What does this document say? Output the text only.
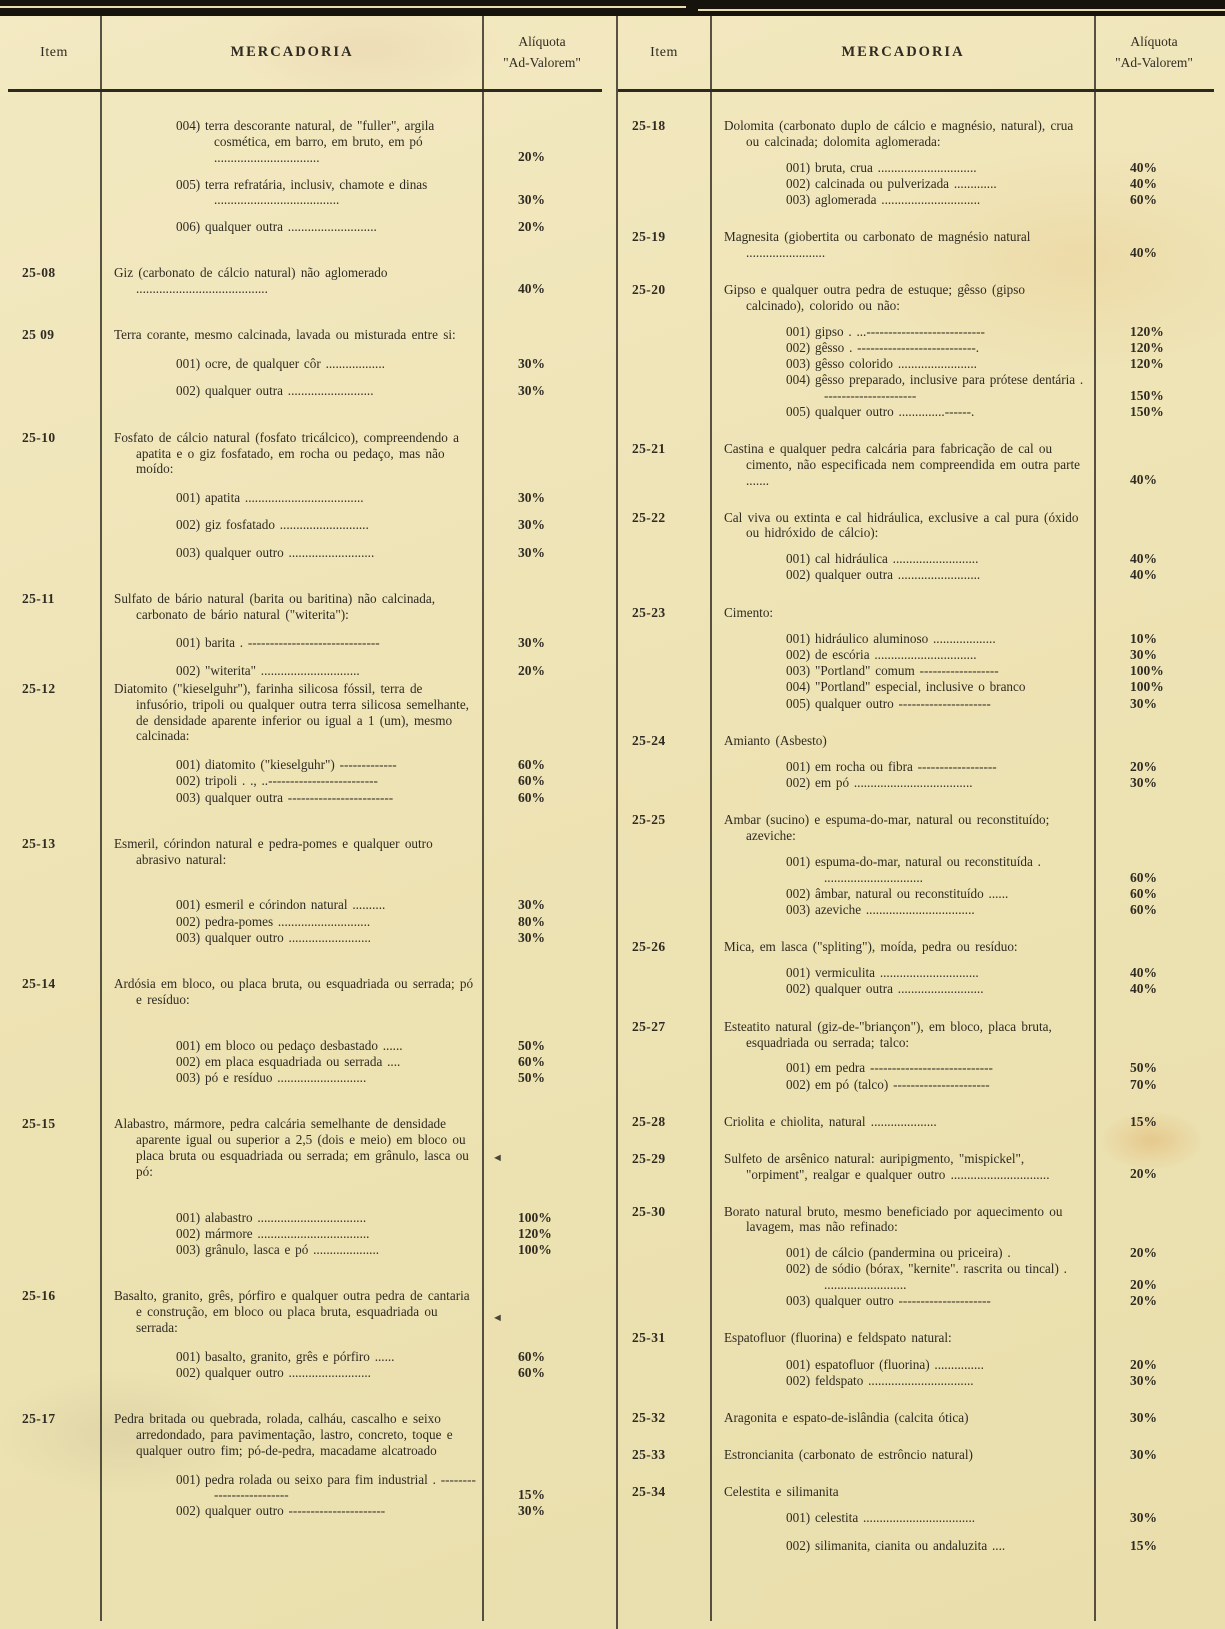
Item	MERCADORIA
Alíquota
"Ad-Valorem"
004) terra descorante natural, de "fuller", argila cosmética, em barro, em bruto, em pó ................................	20%
005) terra refratária, inclusiv, chamote e dinas ......................................	30%
006) qualquer outra ...........................	20%
25-08	Giz (carbonato de cálcio natural) não aglomerado ........................................	40%
25 09	Terra corante, mesmo calcinada, lavada ou misturada entre si:
001) ocre, de qualquer côr ..................	30%
002) qualquer outra ..........................	30%
25-10	Fosfato de cálcio natural (fosfato tricálcico), compreendendo a apatita e o giz fosfatado, em rocha ou pedaço, mas não moído:
001) apatita ....................................	30%
002) giz fosfatado ...........................	30%
003) qualquer outro ..........................	30%
25-11	Sulfato de bário natural (barita ou baritina) não calcinada, carbonato de bário natural ("witerita"):
001) barita . ------------------------------	30%
002) "witerita" ..............................	20%
25-12	Diatomito ("kieselguhr"), farinha silicosa fóssil, terra de infusório, tripoli ou qualquer outra terra silicosa semelhante, de densidade aparente inferior ou igual a 1 (um), mesmo calcinada:
001) diatomito ("kieselguhr") -------------	60%
002) tripoli . ., ..-------------------------	60%
003) qualquer outra ------------------------	60%
25-13	Esmeril, córindon natural e pedra-pomes e qualquer outro abrasivo natural:
001) esmeril e córindon natural ..........	30%
002) pedra-pomes ............................	80%
003) qualquer outro .........................	30%
25-14	Ardósia em bloco, ou placa bruta, ou esquadriada ou serrada; pó e resíduo:
001) em bloco ou pedaço desbastado ......	50%
002) em placa esquadriada ou serrada ....	60%
003) pó e resíduo ...........................	50%
25-15	Alabastro, mármore, pedra calcária semelhante de densidade aparente igual ou superior a 2,5 (dois e meio) em bloco ou placa bruta ou esquadriada ou serrada; em grânulo, lasca ou pó:
001) alabastro .................................	100%
002) mármore ..................................	120%
003) grânulo, lasca e pó ....................	100%
25-16	Basalto, granito, grês, pórfiro e qualquer outra pedra de cantaria e construção, em bloco ou placa bruta, esquadriada ou serrada:
001) basalto, granito, grês e pórfiro ......	60%
002) qualquer outro .........................	60%
25-17	Pedra britada ou quebrada, rolada, calháu, cascalho e seixo arredondado, para pavimentação, lastro, concreto, toque e qualquer outro fim; pó-de-pedra, macadame alcatroado
001) pedra rolada ou seixo para fim industrial . -------------------------	15%
002) qualquer outro ----------------------	30%
Item	MERCADORIA
Alíquota
"Ad-Valorem"
25-18	Dolomita (carbonato duplo de cálcio e magnésio, natural), crua ou calcinada; dolomita aglomerada:
001) bruta, crua ..............................	40%
002) calcinada ou pulverizada .............	40%
003) aglomerada ..............................	60%
25-19	Magnesita (giobertita ou carbonato de magnésio natural ........................	40%
25-20	Gipso e qualquer outra pedra de estuque; gêsso (gipso calcinado), colorido ou não:
001) gipso . ...---------------------------	120%
002) gêsso . ---------------------------.	120%
003) gêsso colorido ........................	120%
004) gêsso preparado, inclusive para prótese dentária . ---------------------	150%
005) qualquer outro ..............------.	150%
25-21	Castina e qualquer pedra calcária para fabricação de cal ou cimento, não especificada nem compreendida em outra parte .......	40%
25-22	Cal viva ou extinta e cal hidráulica, exclusive a cal pura (óxido ou hidróxido de cálcio):
001) cal hidráulica ..........................	40%
002) qualquer outra .........................	40%
25-23	Cimento:
001) hidráulico aluminoso ...................	10%
002) de escória ...............................	30%
003) "Portland" comum ------------------	100%
004) "Portland" especial, inclusive o branco	100%
005) qualquer outro ---------------------	30%
25-24	Amianto (Asbesto)
001) em rocha ou fibra ------------------	20%
002) em pó ....................................	30%
25-25	Ambar (sucino) e espuma-do-mar, natural ou reconstituído; azeviche:
001) espuma-do-mar, natural ou reconstituída . ..............................	60%
002) âmbar, natural ou reconstituído ......	60%
003) azeviche .................................	60%
25-26	Mica, em lasca ("spliting"), moída, pedra ou resíduo:
001) vermiculita ..............................	40%
002) qualquer outra ..........................	40%
25-27	Esteatito natural (giz-de-"briançon"), em bloco, placa bruta, esquadriada ou serrada; talco:
001) em pedra ----------------------------	50%
002) em pó (talco) ----------------------	70%
25-28	Criolita e chiolita, natural ....................	15%
25-29	Sulfeto de arsênico natural: auripigmento, "mispickel", "orpiment", realgar e qualquer outro ..............................	20%
25-30	Borato natural bruto, mesmo beneficiado por aquecimento ou lavagem, mas não refinado:
001) de cálcio (pandermina ou priceira) .	20%
002) de sódio (bórax, "kernite". rascrita ou tincal) . .........................	20%
003) qualquer outro ---------------------	20%
25-31	Espatofluor (fluorina) e feldspato natural:
001) espatofluor (fluorina) ...............	20%
002) feldspato ................................	30%
25-32	Aragonita e espato-de-islândia (calcita ótica)	30%
25-33	Estroncianita (carbonato de estrôncio natural)	30%
25-34	Celestita e silimanita
001) celestita ..................................	30%
002) silimanita, cianita ou andaluzita ....	15%
◄
◄
